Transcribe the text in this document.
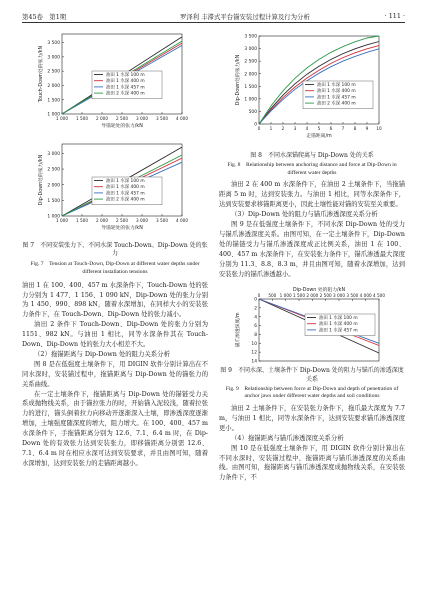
第45卷　第1期	罗泽利 丰滞式平台锚安装过程计算及行为分析	· 111 ·
1 000
1 500
2 000
2 500
3 000
3 500
1 000 1 500 2 000 2 500 3 000 3 500 4 000
导锚轮处的张力/kN
Touch-Down处的张力/kN	油田 1 水深 100 m
油田 1 水深 400 m
油田 1 水深 457 m
油田 2 水深 400 m
1 000
1 500
2 000
2 500
3 000
1 000 1 500 2 000 2 500 3 000 3 500 4 000
导锚轮处的张力/kN
Dip-Down处的张力/kN	油田 1 水深 100 m
油田 1 水深 400 m
油田 1 水深 457 m
油田 2 水深 400 m
图 7　不同安装张力下，不同水深 Touch-Down、Dip-Down 处的张力
Fig. 7　Tension at Touch-Down, Dip-Down at different water depths under different installation tensions
油田 1 在 100、400、457 m 水深条件下，Touch-Down 处的张力分别为 1 477、1 156、1 090 kN，Dip-Down 处的张力分别为 1 450、990、898 kN，随着水深增加，在同样大小的安装张力条件下，在 Touch-Down、Dip-Down 处的张力减小。
油田 2 条件下 Touch-Down、Dip-Down 处的张力分别为 1151、982 kN。与油田 1 相比，同等水深条件其在 Touch-Down、Dip-Down 处的张力大小相差不大。
（2）拖锚距离与 Dip-Down 处的阻力关系分析
图 8 是在低强度土壤条件下，用 DIGIN 软件分别计算出在不同水深时，安装锚过程中，拖锚距离与 Dip-Down 处的锚张力的关系曲线。
在一定土壤条件下，拖锚距离与 Dip-Down 处的锚链受力关系成抛物线关系，由于锚拉张力的时，开始锚入泥较浅，随着拉张力的进行，锚头倒着拉力向移动开逐渐深入土壤，即渗透深度逐渐增加，土壤强度随深度的增大，阻力增大。在 100、400、457 m 水深条件下，手拖锚距离分别为 12.6、7.1、6.4 m 时，在 Dip-Down 处的有效张力达到安装张力，即移锚距离分别需 12.6、7.1、6.4 m 时在相应水深可达到安装要求，并且由图可知，随着水深增加，达到安装张力的走锚距离越小。
0
500
1 000
1 500
2 000
2 500
3 000
3 500
0 1 2 3 4 5 6 7 8 9 10
走锚距离/m
Dip-Down处的张力/kN	油田 1 水深 100 m
油田 1 水深 400 m
油田 1 水深 457 m
油田 2 水深 400 m
图 8　不同水深锚爬离与 Dip-Down 处的关系
Fig. 8　Relationship between anchoring distance and force at Dip-Down in different water depths
油田 2 在 400 m 水深条件下，在油田 2 土壤条件下，当拖锚距离 5 m 时，达到安装张力。与油田 1 相比，同等水深条件下，达到安装要求移锚距离更小，因此土壤性能对锚的安装至关重要。
（3）Dip-Down 处的阻力与锚爪渗透深度关系分析
图 9 是在低强度土壤条件下，不同水深 Dip-Down 处的受力与锚爪渗透深度关系。由图可知，在一定土壤条件下，Dip-Down 处的锚链受力与锚爪渗透深度成正比例关系，油田 1 在 100、400、457 m 水深条件下，在安装张力条件下，锚爪渗透最大深度分别为 11.3、8.8、8.3 m，并且由图可知，随着水深增加，达到安装张力的锚爪渗透越小。
0
2
4
6
8
10
12
14
0 500 1 000 1 500 2 000 2 500 3 000 3 500 4 000 4 500
Dip-Down 处的阻力/kN
锚爪渗透深度/m	油田 1 水深 100 m
油田 1 水深 400 m
油田 1 水深 457 m
图 9　不同水深、土壤条件下 Dip-Down 处的阻力与锚爪的渗透深度关系
Fig. 9　Relationship between force at Dip-Down and depth of penetration of anchor jaws under different water depths and soil conditions
油田 2 土壤条件下，在安装张力条件下，拖爪最大深度为 7.7 m，与油田 1 相比，同等水深条件下，达到安装要求锚爪渗透深度更小。
（4）拖锚距离与锚爪渗透深度关系分析
图 10 是在低强度土壤条件下，用 DIGIN 软件分别计算出在不同水深时，安装锚过程中，拖锚距离与锚爪渗透深度的关系曲线。由图可知，拖锚距离与锚爪渗透深度成抛物线关系，在安装张力条件下，不
